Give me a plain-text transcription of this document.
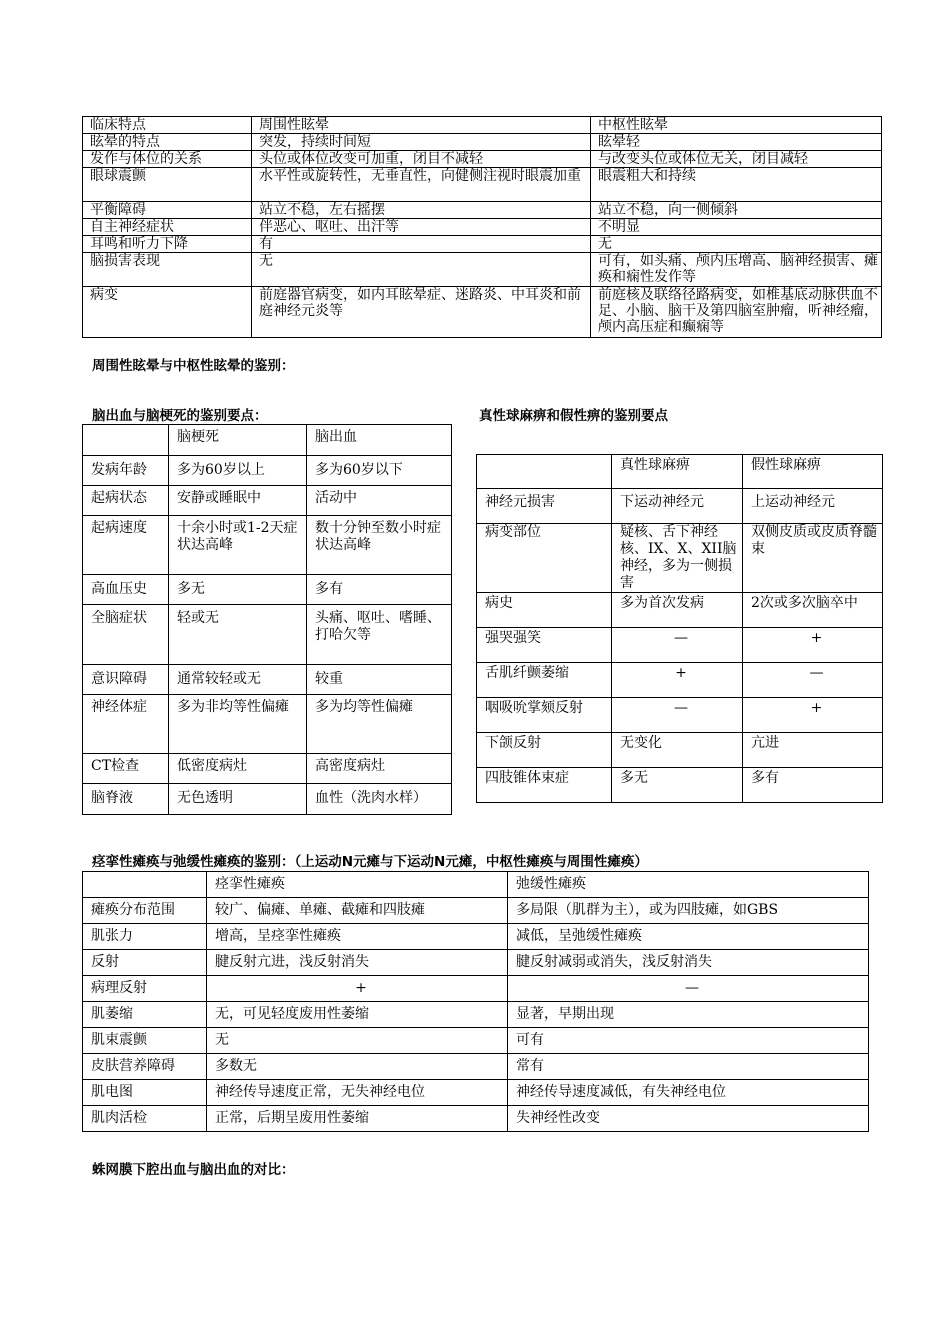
临床特点	周围性眩晕	中枢性眩晕
眩晕的特点	突发，持续时间短	眩晕轻
发作与体位的关系	头位或体位改变可加重，闭目不减轻	与改变头位或体位无关，闭目减轻
眼球震颤	水平性或旋转性，无垂直性，向健侧注视时眼震加重	眼震粗大和持续
平衡障碍	站立不稳，左右摇摆	站立不稳，向一侧倾斜
自主神经症状	伴恶心、呕吐、出汗等	不明显
耳鸣和听力下降	有	无
脑损害表现	无	可有，如头痛、颅内压增高、脑神经损害、瘫痪和痫性发作等
病变	前庭器官病变，如内耳眩晕症、迷路炎、中耳炎和前庭神经元炎等	前庭核及联络径路病变，如椎基底动脉供血不足、小脑、脑干及第四脑室肿瘤，听神经瘤，颅内高压症和癫痫等
周围性眩晕与中枢性眩晕的鉴别：
脑出血与脑梗死的鉴别要点：	真性球麻痹和假性痹的鉴别要点
	脑梗死	脑出血
发病年龄	多为60岁以上	多为60岁以下
起病状态	安静或睡眠中	活动中
起病速度	十余小时或1-2天症状达高峰	数十分钟至数小时症状达高峰
高血压史	多无	多有
全脑症状	轻或无	头痛、呕吐、嗜睡、打哈欠等
意识障碍	通常较轻或无	较重
神经体症	多为非均等性偏瘫	多为均等性偏瘫
CT检查	低密度病灶	高密度病灶
脑脊液	无色透明	血性（洗肉水样）
	真性球麻痹	假性球麻痹
神经元损害	下运动神经元	上运动神经元
病变部位	疑核、舌下神经核、IX、X、XII脑神经，多为一侧损害	双侧皮质或皮质脊髓束
病史	多为首次发病	2次或多次脑卒中
强哭强笑	—	+
舌肌纤颤萎缩	+	—
咽吸吮掌颏反射	—	+
下颌反射	无变化	亢进
四肢锥体束症	多无	多有
痉挛性瘫痪与弛缓性瘫痪的鉴别：（上运动N元瘫与下运动N元瘫，中枢性瘫痪与周围性瘫痪）
	痉挛性瘫痪	弛缓性瘫痪
瘫痪分布范围	较广、偏瘫、单瘫、截瘫和四肢瘫	多局限（肌群为主），或为四肢瘫，如GBS
肌张力	增高，呈痉挛性瘫痪	减低，呈弛缓性瘫痪
反射	腱反射亢进，浅反射消失	腱反射减弱或消失，浅反射消失
病理反射	+	—
肌萎缩	无，可见轻度废用性萎缩	显著，早期出现
肌束震颤	无	可有
皮肤营养障碍	多数无	常有
肌电图	神经传导速度正常，无失神经电位	神经传导速度减低，有失神经电位
肌肉活检	正常，后期呈废用性萎缩	失神经性改变
蛛网膜下腔出血与脑出血的对比：
